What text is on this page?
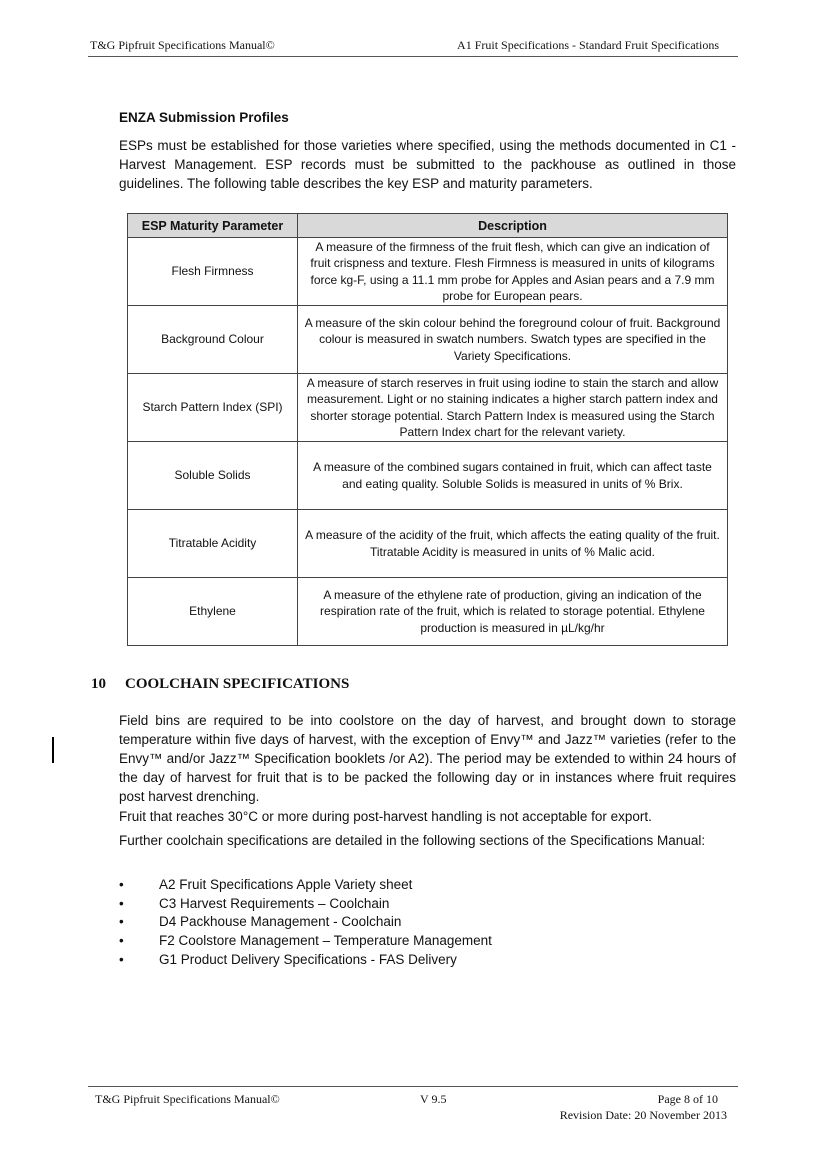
T&G Pipfruit Specifications Manual©	A1 Fruit Specifications - Standard Fruit Specifications
ENZA Submission Profiles
ESPs must be established for those varieties where specified, using the methods documented in C1 - Harvest Management. ESP records must be submitted to the packhouse as outlined in those guidelines. The following table describes the key ESP and maturity parameters.
ESP Maturity Parameter	Description
Flesh Firmness	A measure of the firmness of the fruit flesh, which can give an indication of fruit crispness and texture. Flesh Firmness is measured in units of kilograms force kg-F, using a 11.1 mm probe for Apples and Asian pears and a 7.9 mm probe for European pears.
Background Colour	A measure of the skin colour behind the foreground colour of fruit. Background colour is measured in swatch numbers. Swatch types are specified in the Variety Specifications.
Starch Pattern Index (SPI)	A measure of starch reserves in fruit using iodine to stain the starch and allow measurement. Light or no staining indicates a higher starch pattern index and shorter storage potential. Starch Pattern Index is measured using the Starch Pattern Index chart for the relevant variety.
Soluble Solids	A measure of the combined sugars contained in fruit, which can affect taste and eating quality. Soluble Solids is measured in units of % Brix.
Titratable Acidity	A measure of the acidity of the fruit, which affects the eating quality of the fruit. Titratable Acidity is measured in units of % Malic acid.
Ethylene	A measure of the ethylene rate of production, giving an indication of the respiration rate of the fruit, which is related to storage potential. Ethylene production is measured in µL/kg/hr
10 COOLCHAIN SPECIFICATIONS
Field bins are required to be into coolstore on the day of harvest, and brought down to storage temperature within five days of harvest, with the exception of Envy™ and Jazz™ varieties (refer to the Envy™ and/or Jazz™ Specification booklets /or A2). The period may be extended to within 24 hours of the day of harvest for fruit that is to be packed the following day or in instances where fruit requires post harvest drenching.
Fruit that reaches 30°C or more during post-harvest handling is not acceptable for export.
Further coolchain specifications are detailed in the following sections of the Specifications Manual:
•	A2 Fruit Specifications Apple Variety sheet
•	C3 Harvest Requirements – Coolchain
•	D4 Packhouse Management - Coolchain
•	F2 Coolstore Management – Temperature Management
•	G1 Product Delivery Specifications - FAS Delivery
T&G Pipfruit Specifications Manual©	V 9.5	Page 8 of 10
Revision Date: 20 November 2013
